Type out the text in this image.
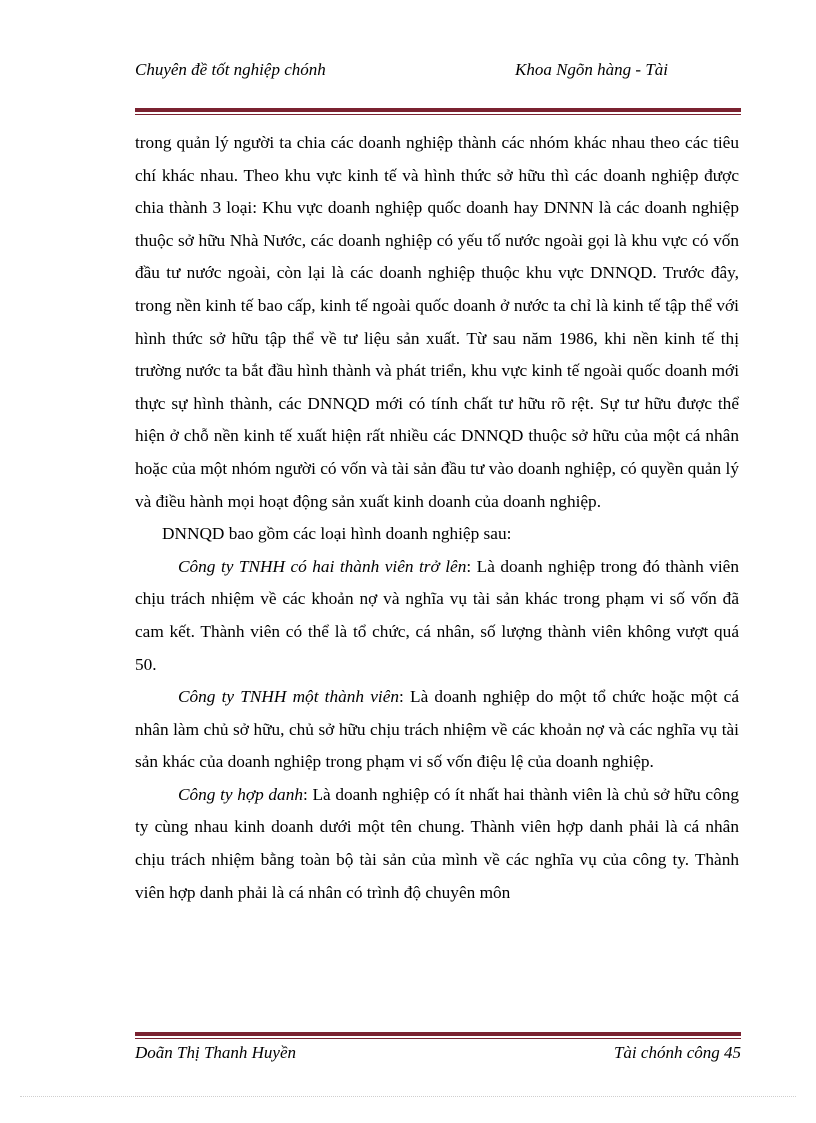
Chuyên đề tốt nghiệp chónh	Khoa Ngõn hàng - Tài

trong quản lý người ta chia các doanh nghiệp thành các nhóm khác nhau theo các tiêu chí khác nhau. Theo khu vực kinh tế và hình thức sở hữu thì các doanh nghiệp được chia thành 3 loại: Khu vực doanh nghiệp quốc doanh hay DNNN là các doanh nghiệp thuộc sở hữu Nhà Nước, các doanh nghiệp có yếu tố nước ngoài gọi là khu vực có vốn đầu tư nước ngoài, còn lại là các doanh nghiệp thuộc khu vực DNNQD. Trước đây, trong nền kinh tế bao cấp, kinh tế ngoài quốc doanh ở nước ta chỉ là kinh tế tập thể với hình thức sở hữu tập thể về tư liệu sản xuất. Từ sau năm 1986, khi nền kinh tế thị trường nước ta bắt đầu hình thành và phát triển, khu vực kinh tế ngoài quốc doanh mới thực sự hình thành, các DNNQD mới có tính chất tư hữu rõ rệt. Sự tư hữu được thể hiện ở chỗ nền kinh tế xuất hiện rất nhiều các DNNQD thuộc sở hữu của một cá nhân hoặc của một nhóm người có vốn và tài sản đầu tư vào doanh nghiệp, có quyền quản lý và điều hành mọi hoạt động sản xuất kinh doanh của doanh nghiệp.

DNNQD bao gồm các loại hình doanh nghiệp sau:

Công ty TNHH có hai thành viên trở lên: Là doanh nghiệp trong đó thành viên chịu trách nhiệm về các khoản nợ và nghĩa vụ tài sản khác trong phạm vi số vốn đã cam kết. Thành viên có thể là tổ chức, cá nhân, số lượng thành viên không vượt quá 50.

Công ty TNHH một thành viên: Là doanh nghiệp do một tổ chức hoặc một cá nhân làm chủ sở hữu, chủ sở hữu chịu trách nhiệm về các khoản nợ và các nghĩa vụ tài sản khác của doanh nghiệp trong phạm vi số vốn điệu lệ của doanh nghiệp.

Công ty hợp danh: Là doanh nghiệp có ít nhất hai thành viên là chủ sở hữu công ty cùng nhau kinh doanh dưới một tên chung. Thành viên hợp danh phải là cá nhân chịu trách nhiệm bằng toàn bộ tài sản của mình về các nghĩa vụ của công ty. Thành viên hợp danh phải là cá nhân có trình độ chuyên môn

Doãn Thị Thanh Huyền	Tài chónh công 45
